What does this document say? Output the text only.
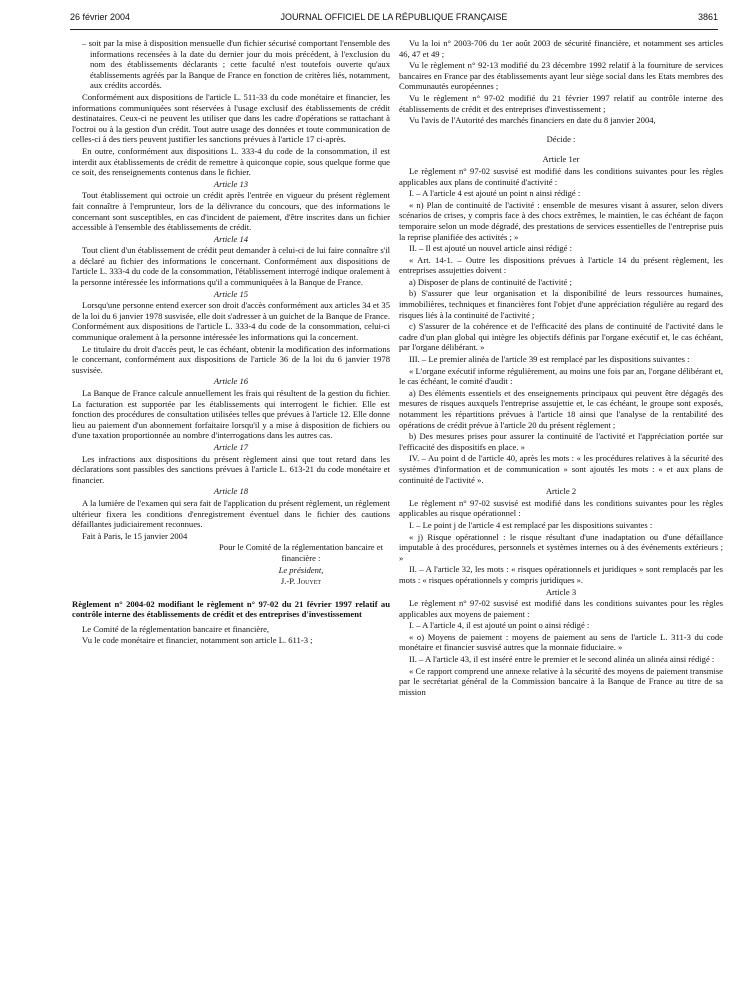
26 février 2004	JOURNAL OFFICIEL DE LA RÉPUBLIQUE FRANÇAISE	3861

– soit par la mise à disposition mensuelle d'un fichier sécurisé comportant l'ensemble des informations recensées à la date du dernier jour du mois précédent, à l'exclusion du nom des établissements déclarants ; cette faculté n'est toutefois ouverte qu'aux établissements agréés par la Banque de France en fonction de critères liés, notamment, aux crédits accordés.

Conformément aux dispositions de l'article L. 511-33 du code monétaire et financier, les informations communiquées sont réservées à l'usage exclusif des établissements de crédit destinataires. Ceux-ci ne peuvent les utiliser que dans les cadre d'opérations se rattachant à l'octroi ou à la gestion d'un crédit. Tout autre usage des données et toute communication de celles-ci à des tiers peuvent justifier les sanctions prévues à l'article 17 ci-après.

En outre, conformément aux dispositions L. 333-4 du code de la consommation, il est interdit aux établissements de crédit de remettre à quiconque copie, sous quelque forme que ce soit, des renseignements contenus dans le fichier.

Article 13

Tout établissement qui octroie un crédit après l'entrée en vigueur du présent règlement fait connaître à l'emprunteur, lors de la délivrance du concours, que des informations le concernant sont susceptibles, en cas d'incident de paiement, d'être inscrites dans un fichier accessible à l'ensemble des établissements de crédit.

Article 14

Tout client d'un établissement de crédit peut demander à celui-ci de lui faire connaître s'il a déclaré au fichier des informations le concernant. Conformément aux dispositions de l'article L. 333-4 du code de la consommation, l'établissement interrogé indique oralement à la personne intéressée les informations qu'il a communiquées à la Banque de France.

Article 15

Lorsqu'une personne entend exercer son droit d'accès conformément aux articles 34 et 35 de la loi du 6 janvier 1978 susvisée, elle doit s'adresser à un guichet de la Banque de France. Conformément aux dispositions de l'article L. 333-4 du code de la consommation, celui-ci communique oralement à la personne intéressée les informations qui la concernent.

Le titulaire du droit d'accès peut, le cas échéant, obtenir la modification des informations le concernant, conformément aux dispositions de l'article 36 de la loi du 6 janvier 1978 susvisée.

Article 16

La Banque de France calcule annuellement les frais qui résultent de la gestion du fichier. La facturation est supportée par les établissements qui interrogent le fichier. Elle est fonction des procédures de consultation utilisées telles que prévues à l'article 12. Elle donne lieu au paiement d'un abonnement forfaitaire lorsqu'il y a mise à disposition de fichiers ou d'une taxation proportionnée au nombre d'interrogations dans les autres cas.

Article 17

Les infractions aux dispositions du présent règlement ainsi que tout retard dans les déclarations sont passibles des sanctions prévues à l'article L. 613-21 du code monétaire et financier.

Article 18

A la lumière de l'examen qui sera fait de l'application du présent règlement, un règlement ultérieur fixera les conditions d'enregistrement éventuel dans le fichier des cautions défaillantes judiciairement reconnues.

Fait à Paris, le 15 janvier 2004

Pour le Comité de la réglementation bancaire et financière :

Le président,

J.-P. Jouyet

Règlement n° 2004-02 modifiant le règlement n° 97-02 du 21 février 1997 relatif au contrôle interne des établissements de crédit et des entreprises d'investissement

Le Comité de la réglementation bancaire et financière,

Vu le code monétaire et financier, notamment son article L. 611-3 ;

Vu la loi n° 2003-706 du 1er août 2003 de sécurité financière, et notamment ses articles 46, 47 et 49 ;

Vu le règlement n° 92-13 modifié du 23 décembre 1992 relatif à la fourniture de services bancaires en France par des établissements ayant leur siège social dans les Etats membres des Communautés européennes ;

Vu le règlement n° 97-02 modifié du 21 février 1997 relatif au contrôle interne des établissements de crédit et des entreprises d'investissement ;

Vu l'avis de l'Autorité des marchés financiers en date du 8 janvier 2004,

Décide :

Article 1er

Le règlement n° 97-02 susvisé est modifié dans les conditions suivantes pour les règles applicables aux plans de continuité d'activité :

I. – A l'article 4 est ajouté un point n ainsi rédigé :

« n) Plan de continuité de l'activité : ensemble de mesures visant à assurer, selon divers scénarios de crises, y compris face à des chocs extrêmes, le maintien, le cas échéant de façon temporaire selon un mode dégradé, des prestations de services essentielles de l'entreprise puis la reprise planifiée des activités ; »

II. – Il est ajouté un nouvel article ainsi rédigé :

« Art. 14-1. – Outre les dispositions prévues à l'article 14 du présent règlement, les entreprises assujetties doivent :

a) Disposer de plans de continuité de l'activité ;

b) S'assurer que leur organisation et la disponibilité de leurs ressources humaines, immobilières, techniques et financières font l'objet d'une appréciation régulière au regard des risques liés à la continuité de l'activité ;

c) S'assurer de la cohérence et de l'efficacité des plans de continuité de l'activité dans le cadre d'un plan global qui intègre les objectifs définis par l'organe exécutif et, le cas échéant, par l'organe délibérant. »

III. – Le premier alinéa de l'article 39 est remplacé par les dispositions suivantes :

« L'organe exécutif informe régulièrement, au moins une fois par an, l'organe délibérant et, le cas échéant, le comité d'audit :

a) Des éléments essentiels et des enseignements principaux qui peuvent être dégagés des mesures de risques auxquels l'entreprise assujettie et, le cas échéant, le groupe sont exposés, notamment les répartitions prévues à l'article 18 ainsi que l'analyse de la rentabilité des opérations de crédit prévue à l'article 20 du présent règlement ;

b) Des mesures prises pour assurer la continuité de l'activité et l'appréciation portée sur l'efficacité des dispositifs en place. »

IV. – Au point d de l'article 40, après les mots : « les procédures relatives à la sécurité des systèmes d'information et de communication » sont ajoutés les mots : « et aux plans de continuité de l'activité ».

Article 2

Le règlement n° 97-02 susvisé est modifié dans les conditions suivantes pour les règles applicables au risque opérationnel :

I. – Le point j de l'article 4 est remplacé par les dispositions suivantes :

« j) Risque opérationnel : le risque résultant d'une inadaptation ou d'une défaillance imputable à des procédures, personnels et systèmes internes ou à des événements extérieurs ; »

II. – A l'article 32, les mots : « risques opérationnels et juridiques » sont remplacés par les mots : « risques opérationnels y compris juridiques ».

Article 3

Le règlement n° 97-02 susvisé est modifié dans les conditions suivantes pour les règles applicables aux moyens de paiement :

I. – A l'article 4, il est ajouté un point o ainsi rédigé :

« o) Moyens de paiement : moyens de paiement au sens de l'article L. 311-3 du code monétaire et financier susvisé autres que la monnaie fiduciaire. »

II. – A l'article 43, il est inséré entre le premier et le second alinéa un alinéa ainsi rédigé :

« Ce rapport comprend une annexe relative à la sécurité des moyens de paiement transmise par le secrétariat général de la Commission bancaire à la Banque de France au titre de sa mission
